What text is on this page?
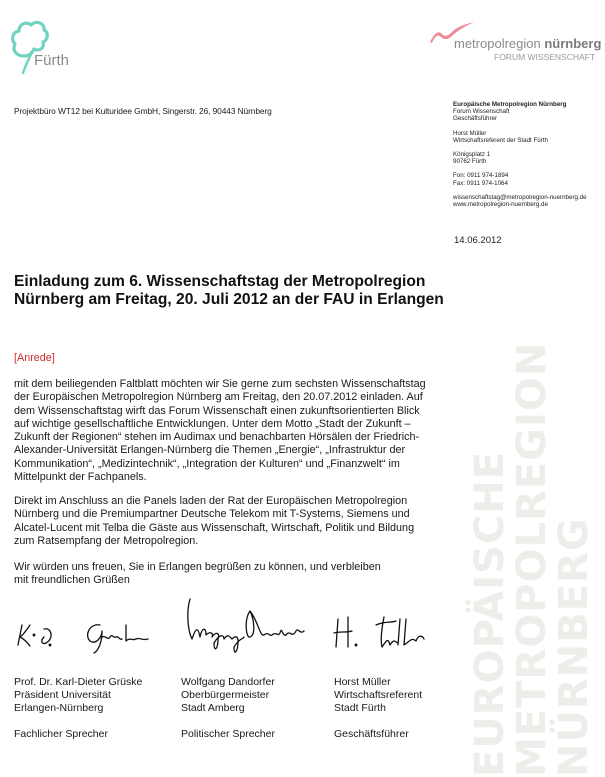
Fürth
metropolregion nürnberg
FORUM WISSENSCHAFT
Projektbüro WT12 bei Kulturidee GmbH, Singerstr. 26, 90443 Nürnberg
Europäische Metropolregion Nürnberg
Forum Wissenschaft
Geschäftsführer
Horst Müller
Wirtschaftsreferent der Stadt Fürth
Königsplatz 1
90762 Fürth
Fon: 0911 974-1894
Fax: 0911 974-1064
wissenschaftstag@metropolregion-nuernberg.de
www.metropolregion-nuernberg.de
14.06.2012
Einladung zum 6. Wissenschaftstag der Metropolregion
Nürnberg am Freitag, 20. Juli 2012 an der FAU in Erlangen
[Anrede]
mit dem beiliegenden Faltblatt möchten wir Sie gerne zum sechsten Wissenschaftstag
der Europäischen Metropolregion Nürnberg am Freitag, den 20.07.2012 einladen. Auf
dem Wissenschaftstag wirft das Forum Wissenschaft einen zukunftsorientierten Blick
auf wichtige gesellschaftliche Entwicklungen. Unter dem Motto „Stadt der Zukunft –
Zukunft der Regionen“ stehen im Audimax und benachbarten Hörsälen der Friedrich-
Alexander-Universität Erlangen-Nürnberg die Themen „Energie“, „Infrastruktur der
Kommunikation“, „Medizintechnik“, „Integration der Kulturen“ und „Finanzwelt“ im
Mittelpunkt der Fachpanels.
Direkt im Anschluss an die Panels laden der Rat der Europäischen Metropolregion
Nürnberg und die Premiumpartner Deutsche Telekom mit T-Systems, Siemens und
Alcatel-Lucent mit Telba die Gäste aus Wissenschaft, Wirtschaft, Politik und Bildung
zum Ratsempfang der Metropolregion.
Wir würden uns freuen, Sie in Erlangen begrüßen zu können, und verbleiben
mit freundlichen Grüßen	EUROPÄISCHE
METROPOLREGION
NÜRNBERG
Prof. Dr. Karl-Dieter Grüske
Präsident Universität
Erlangen-Nürnberg
Fachlicher Sprecher
Wolfgang Dandorfer
Oberbürgermeister
Stadt Amberg
Politischer Sprecher
Horst Müller
Wirtschaftsreferent
Stadt Fürth
Geschäftsführer
